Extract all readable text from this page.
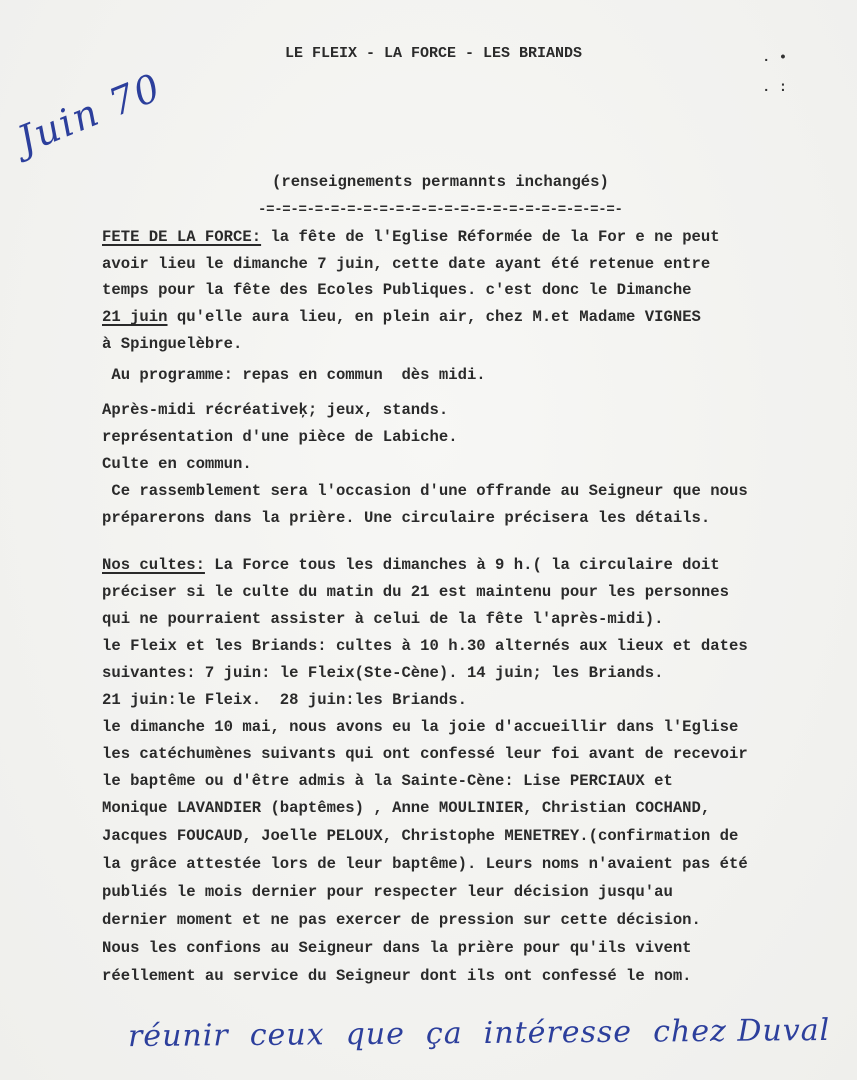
LE FLEIX - LA FORCE - LES BRIANDS	. •
. :
Juin 70
(renseignements permannts inchangés)
-=-=-=-=-=-=-=-=-=-=-=-=-=-=-=-=-=-=-=-=-=-=-
FETE DE LA FORCE: la fête de l'Eglise Réformée de la For e ne peut
avoir lieu le dimanche 7 juin, cette date ayant été retenue entre
temps pour la fête des Ecoles Publiques. c'est donc le Dimanche
21 juin qu'elle aura lieu, en plein air, chez M.et Madame VIGNES
à Spinguelèbre.
Au programme: repas en commun  dès midi.
Après-midi récréativeķ; jeux, stands.
représentation d'une pièce de Labiche.
Culte en commun.
Ce rassemblement sera l'occasion d'une offrande au Seigneur que nous
préparerons dans la prière. Une circulaire précisera les détails.
Nos cultes: La Force tous les dimanches à 9 h.( la circulaire doit
préciser si le culte du matin du 21 est maintenu pour les personnes
qui ne pourraient assister à celui de la fête l'après-midi).
le Fleix et les Briands: cultes à 10 h.30 alternés aux lieux et dates
suivantes: 7 juin: le Fleix(Ste-Cène). 14 juin; les Briands.
21 juin:le Fleix.  28 juin:les Briands.
le dimanche 10 mai, nous avons eu la joie d'accueillir dans l'Eglise
les catéchumènes suivants qui ont confessé leur foi avant de recevoir
le baptême ou d'être admis à la Sainte-Cène: Lise PERCIAUX et
Monique LAVANDIER (baptêmes) , Anne MOULINIER, Christian COCHAND,
Jacques FOUCAUD, Joelle PELOUX, Christophe MENETREY.(confirmation de
la grâce attestée lors de leur baptême). Leurs noms n'avaient pas été
publiés le mois dernier pour respecter leur décision jusqu'au
dernier moment et ne pas exercer de pression sur cette décision.
Nous les confions au Seigneur dans la prière pour qu'ils vivent
réellement au service du Seigneur dont ils ont confessé le nom.
réunir  ceux  que  ça  intéresse  chez Duval
